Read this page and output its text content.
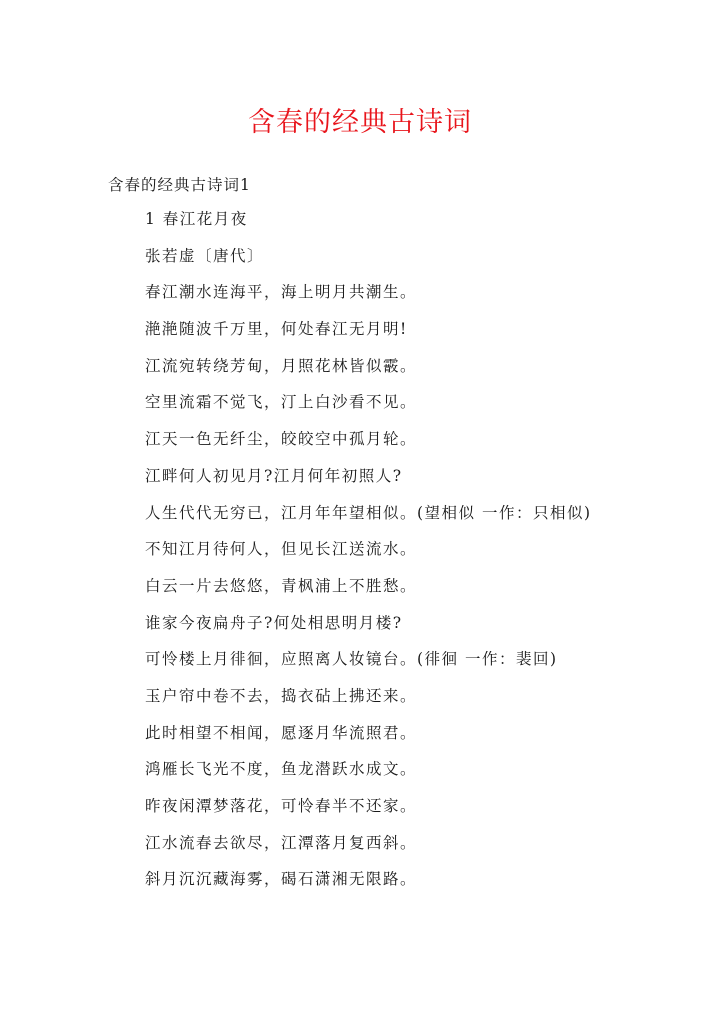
含春的经典古诗词
含春的经典古诗词1
1 春江花月夜
张若虚〔唐代〕
春江潮水连海平，海上明月共潮生。
滟滟随波千万里，何处春江无月明!
江流宛转绕芳甸，月照花林皆似霰。
空里流霜不觉飞，汀上白沙看不见。
江天一色无纤尘，皎皎空中孤月轮。
江畔何人初见月?江月何年初照人?
人生代代无穷已，江月年年望相似。(望相似 一作：只相似)
不知江月待何人，但见长江送流水。
白云一片去悠悠，青枫浦上不胜愁。
谁家今夜扁舟子?何处相思明月楼?
可怜楼上月徘徊，应照离人妆镜台。(徘徊 一作：裴回)
玉户帘中卷不去，捣衣砧上拂还来。
此时相望不相闻，愿逐月华流照君。
鸿雁长飞光不度，鱼龙潜跃水成文。
昨夜闲潭梦落花，可怜春半不还家。
江水流春去欲尽，江潭落月复西斜。
斜月沉沉藏海雾，碣石潇湘无限路。
